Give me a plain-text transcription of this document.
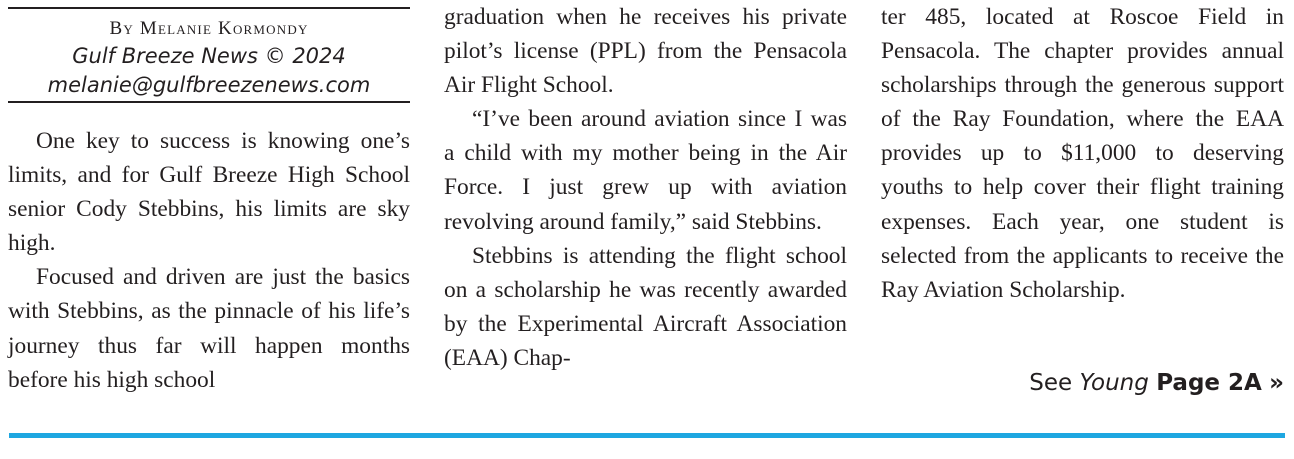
By Melanie Kormondy
Gulf Breeze News © 2024
melanie@gulfbreezenews.com

One key to success is knowing one’s limits, and for Gulf Breeze High School senior Cody Stebbins, his limits are sky high.

Focused and driven are just the basics with Stebbins, as the pinnacle of his life’s journey thus far will happen months before his high school

graduation when he receives his private pilot’s license (PPL) from the Pensacola Air Flight School.

“I’ve been around aviation since I was a child with my mother being in the Air Force. I just grew up with aviation revolving around family,” said Stebbins.

Stebbins is attending the flight school on a scholarship he was recently awarded by the Experimental Aircraft Association (EAA) Chap-

ter 485, located at Roscoe Field in Pensacola. The chapter provides annual scholarships through the generous support of the Ray Foundation, where the EAA provides up to $11,000 to deserving youths to help cover their flight training expenses. Each year, one student is selected from the applicants to receive the Ray Aviation Scholarship.

See Young Page 2A »
